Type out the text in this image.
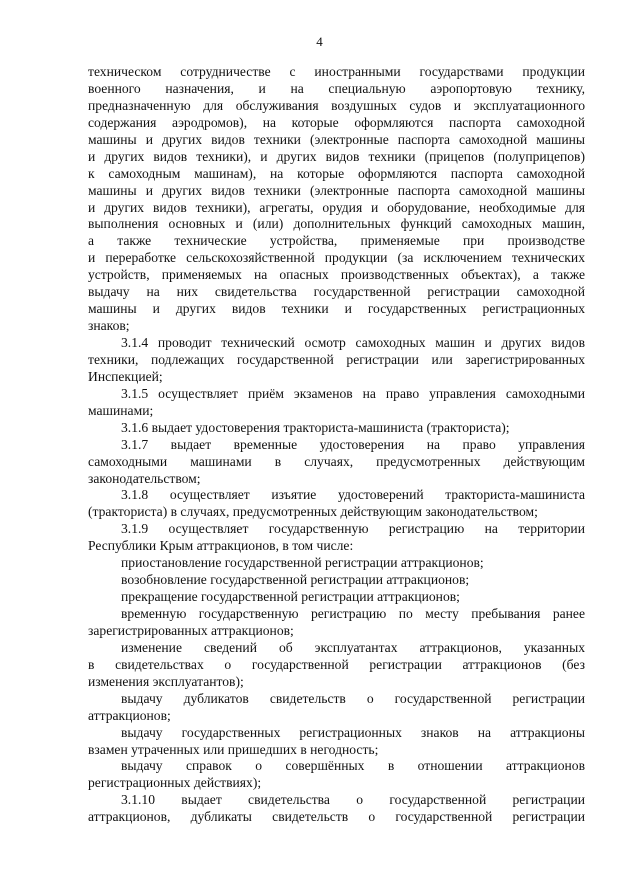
4
техническом сотрудничестве с иностранными государствами продукции
военного назначения, и на специальную аэропортовую технику,
предназначенную для обслуживания воздушных судов и эксплуатационного
содержания аэродромов), на которые оформляются паспорта самоходной
машины и других видов техники (электронные паспорта самоходной машины
и других видов техники), и других видов техники (прицепов (полуприцепов)
к самоходным машинам), на которые оформляются паспорта самоходной
машины и других видов техники (электронные паспорта самоходной машины
и других видов техники), агрегаты, орудия и оборудование, необходимые для
выполнения основных и (или) дополнительных функций самоходных машин,
а также технические устройства, применяемые при производстве
и переработке сельскохозяйственной продукции (за исключением технических
устройств, применяемых на опасных производственных объектах), а также
выдачу на них свидетельства государственной регистрации самоходной
машины и других видов техники и государственных регистрационных
знаков;
3.1.4 проводит технический осмотр самоходных машин и других видов
техники, подлежащих государственной регистрации или зарегистрированных
Инспекцией;
3.1.5 осуществляет приём экзаменов на право управления самоходными
машинами;
3.1.6 выдает удостоверения тракториста-машиниста (тракториста);
3.1.7 выдает временные удостоверения на право управления
самоходными машинами в случаях, предусмотренных действующим
законодательством;
3.1.8 осуществляет изъятие удостоверений тракториста-машиниста
(тракториста) в случаях, предусмотренных действующим законодательством;
3.1.9 осуществляет государственную регистрацию на территории
Республики Крым аттракционов, в том числе:
приостановление государственной регистрации аттракционов;
возобновление государственной регистрации аттракционов;
прекращение государственной регистрации аттракционов;
временную государственную регистрацию по месту пребывания ранее
зарегистрированных аттракционов;
изменение сведений об эксплуатантах аттракционов, указанных
в свидетельствах о государственной регистрации аттракционов (без
изменения эксплуатантов);
выдачу дубликатов свидетельств о государственной регистрации
аттракционов;
выдачу государственных регистрационных знаков на аттракционы
взамен утраченных или пришедших в негодность;
выдачу справок о совершённых в отношении аттракционов
регистрационных действиях);
3.1.10 выдает свидетельства о государственной регистрации
аттракционов, дубликаты свидетельств о государственной регистрации
